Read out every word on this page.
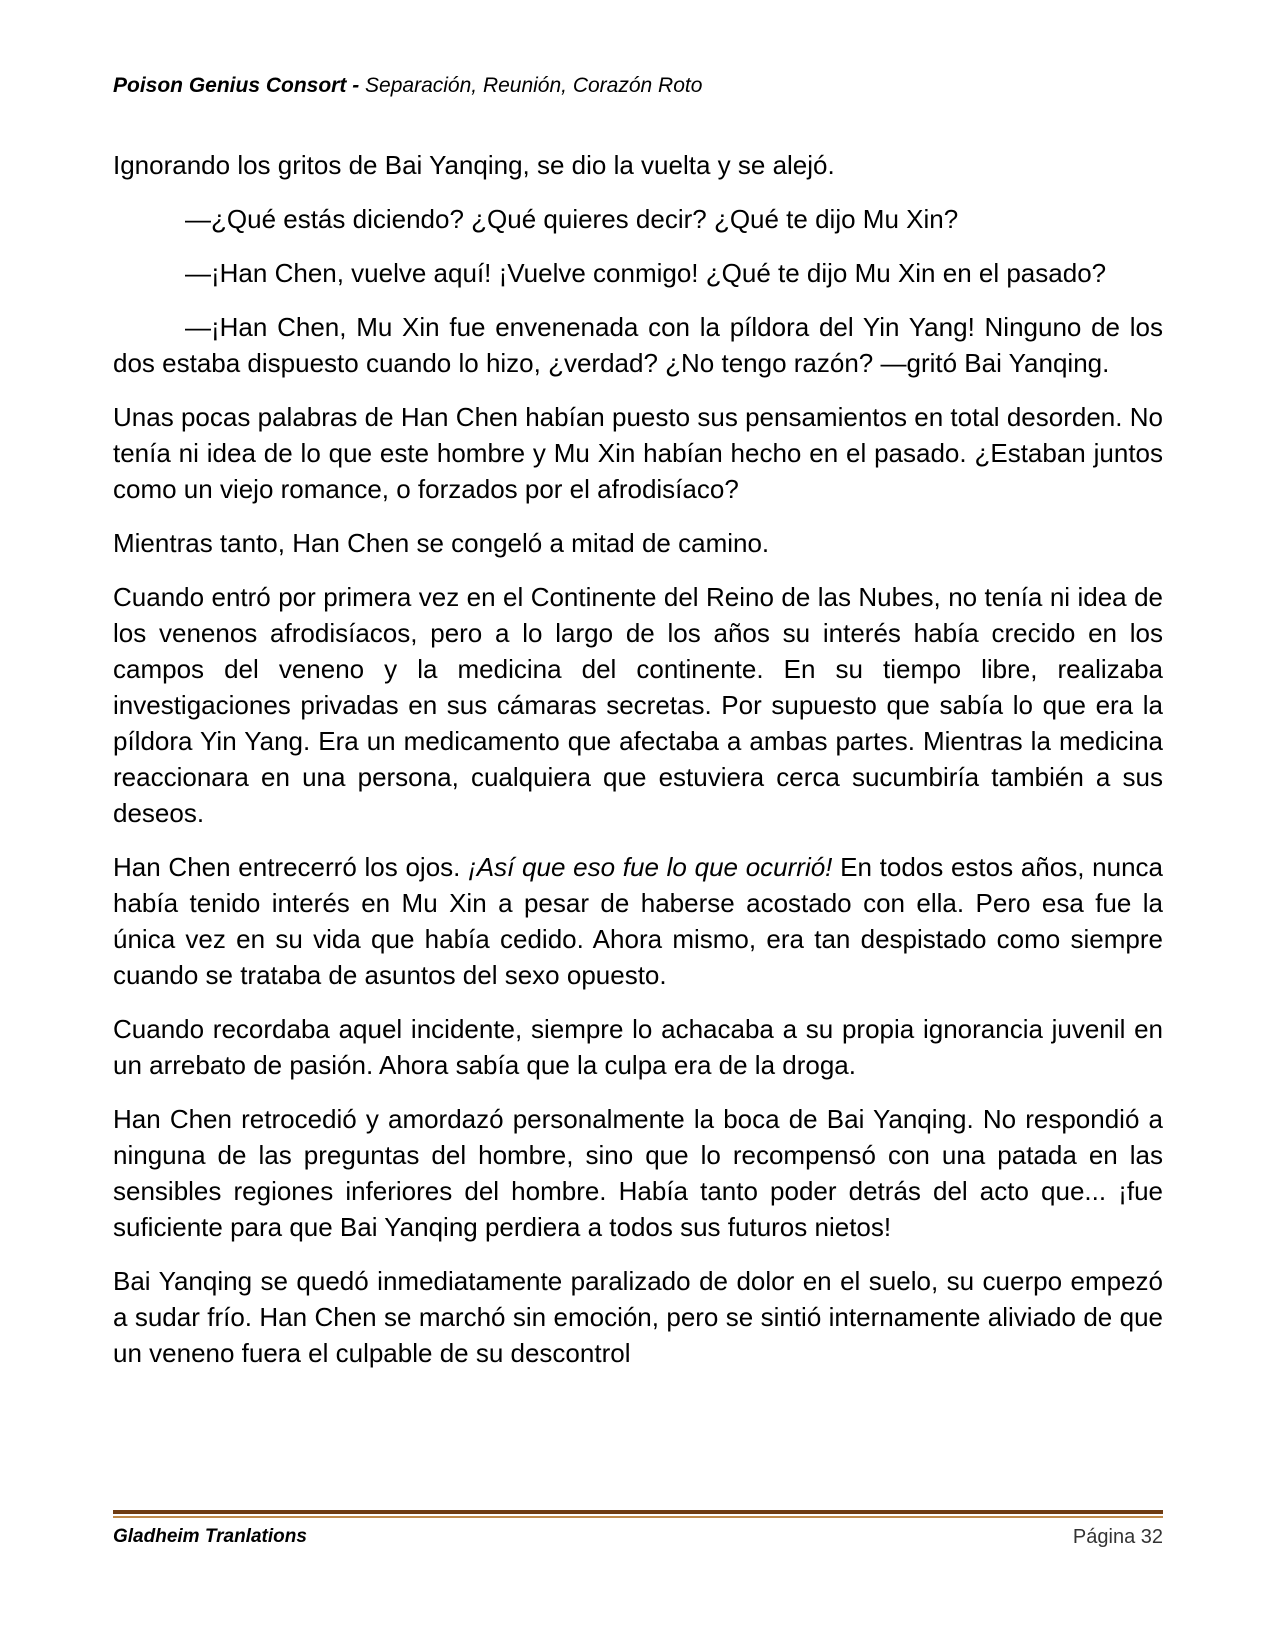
Poison Genius Consort - Separación, Reunión, Corazón Roto

Ignorando los gritos de Bai Yanqing, se dio la vuelta y se alejó.

—¿Qué estás diciendo? ¿Qué quieres decir? ¿Qué te dijo Mu Xin?

—¡Han Chen, vuelve aquí! ¡Vuelve conmigo! ¿Qué te dijo Mu Xin en el pasado?

—¡Han Chen, Mu Xin fue envenenada con la píldora del Yin Yang! Ninguno de los dos estaba dispuesto cuando lo hizo, ¿verdad? ¿No tengo razón? —gritó Bai Yanqing.

Unas pocas palabras de Han Chen habían puesto sus pensamientos en total desorden. No tenía ni idea de lo que este hombre y Mu Xin habían hecho en el pasado. ¿Estaban juntos como un viejo romance, o forzados por el afrodisíaco?

Mientras tanto, Han Chen se congeló a mitad de camino.

Cuando entró por primera vez en el Continente del Reino de las Nubes, no tenía ni idea de los venenos afrodisíacos, pero a lo largo de los años su interés había crecido en los campos del veneno y la medicina del continente. En su tiempo libre, realizaba investigaciones privadas en sus cámaras secretas. Por supuesto que sabía lo que era la píldora Yin Yang. Era un medicamento que afectaba a ambas partes. Mientras la medicina reaccionara en una persona, cualquiera que estuviera cerca sucumbiría también a sus deseos.

Han Chen entrecerró los ojos. ¡Así que eso fue lo que ocurrió! En todos estos años, nunca había tenido interés en Mu Xin a pesar de haberse acostado con ella. Pero esa fue la única vez en su vida que había cedido. Ahora mismo, era tan despistado como siempre cuando se trataba de asuntos del sexo opuesto.

Cuando recordaba aquel incidente, siempre lo achacaba a su propia ignorancia juvenil en un arrebato de pasión. Ahora sabía que la culpa era de la droga.

Han Chen retrocedió y amordazó personalmente la boca de Bai Yanqing. No respondió a ninguna de las preguntas del hombre, sino que lo recompensó con una patada en las sensibles regiones inferiores del hombre. Había tanto poder detrás del acto que... ¡fue suficiente para que Bai Yanqing perdiera a todos sus futuros nietos!

Bai Yanqing se quedó inmediatamente paralizado de dolor en el suelo, su cuerpo empezó a sudar frío. Han Chen se marchó sin emoción, pero se sintió internamente aliviado de que un veneno fuera el culpable de su descontrol

Gladheim Tranlations	Página 32
